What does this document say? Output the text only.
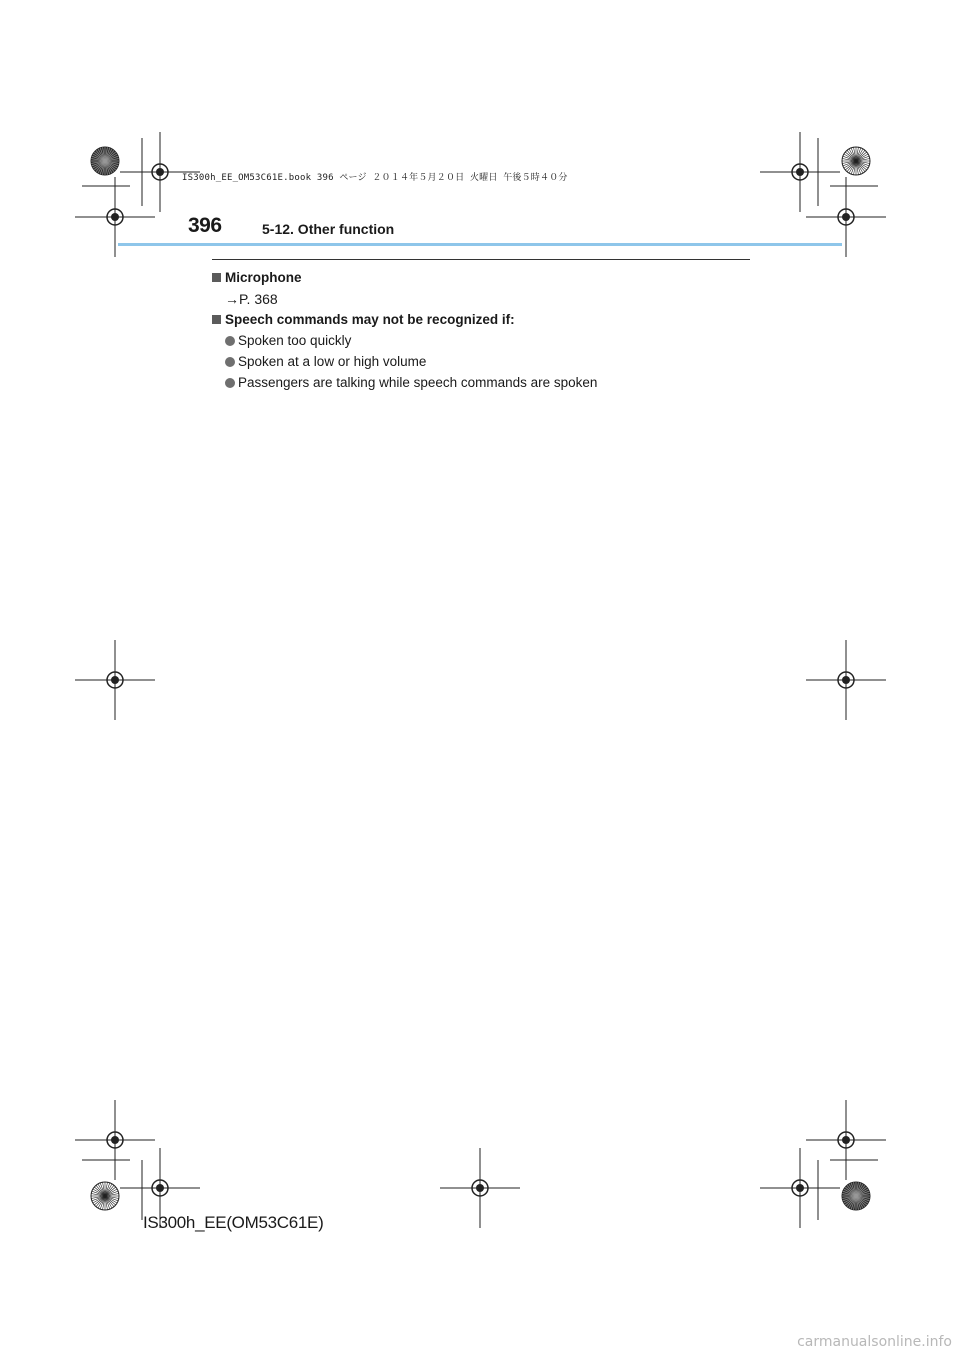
IS300h_EE_OM53C61E.book 396 ページ ２０１４年５月２０日 火曜日 午後５時４０分
396	5-12. Other function
Microphone
→P. 368
Speech commands may not be recognized if:
Spoken too quickly
Spoken at a low or high volume
Passengers are talking while speech commands are spoken
IS300h_EE(OM53C61E)
carmanualsonline.info
